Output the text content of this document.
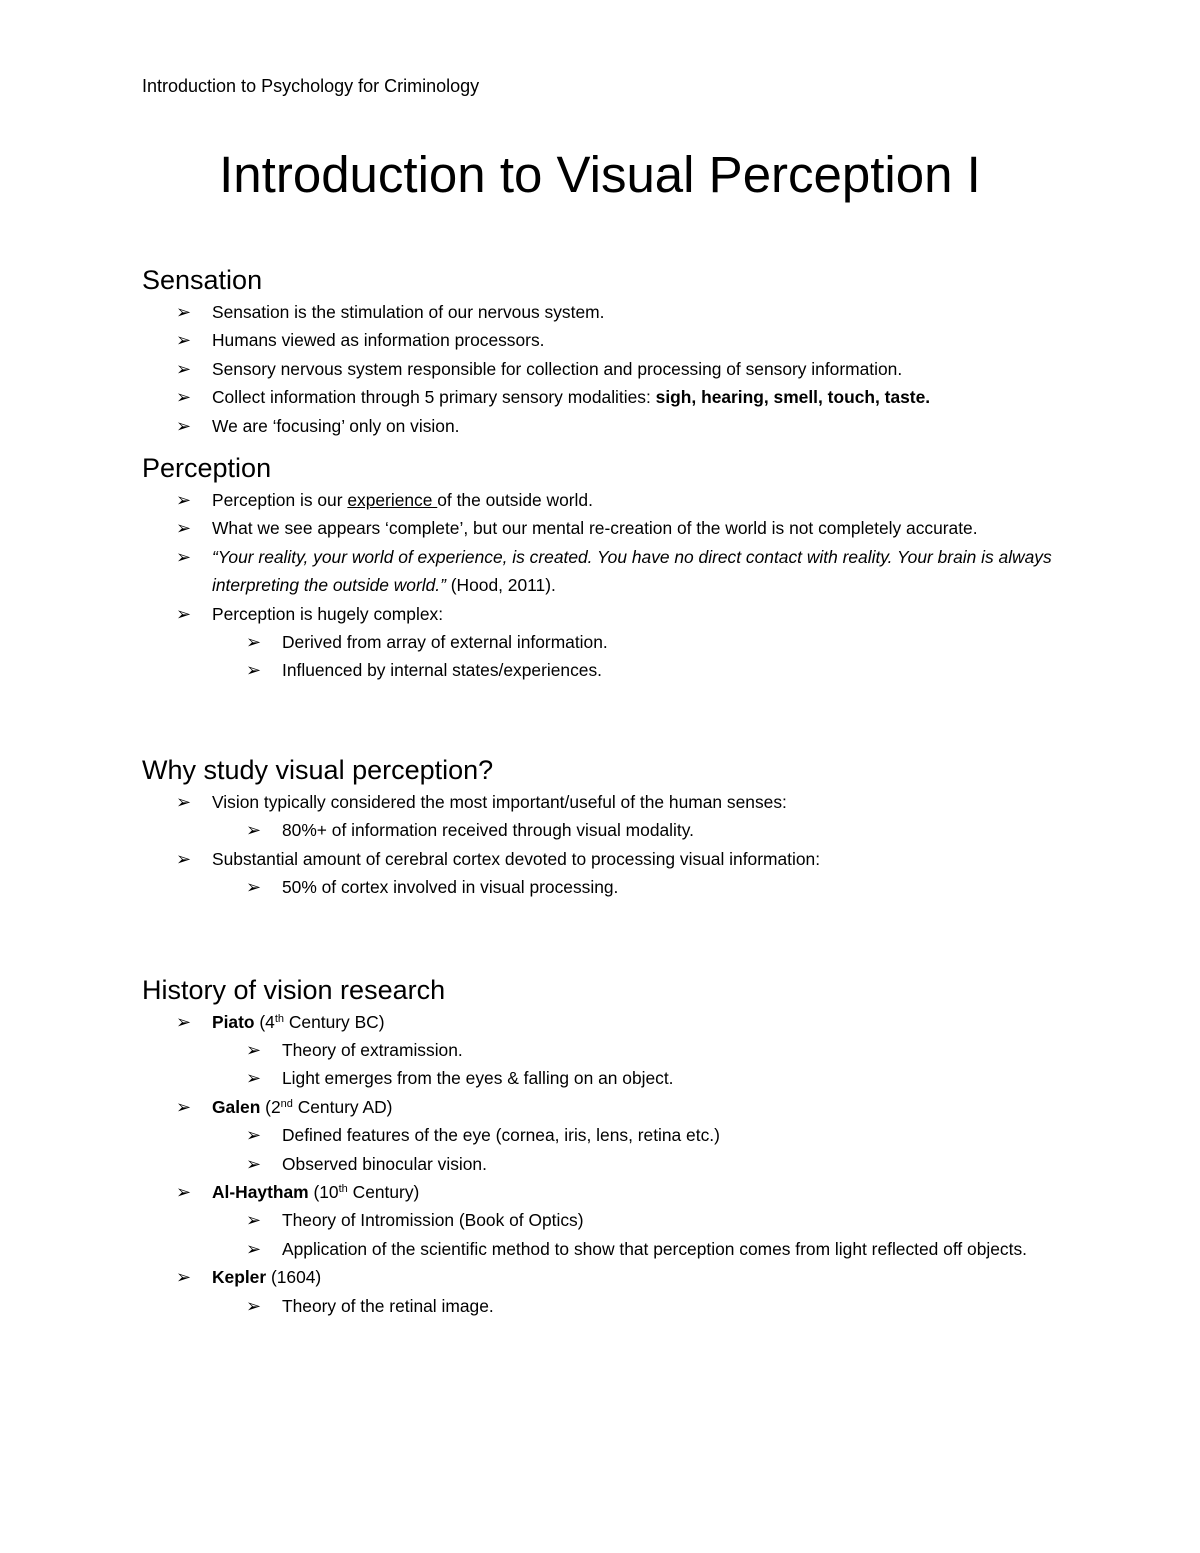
Introduction to Psychology for Criminology
Introduction to Visual Perception I
Sensation
➢ Sensation is the stimulation of our nervous system.
➢ Humans viewed as information processors.
➢ Sensory nervous system responsible for collection and processing of sensory information.
➢ Collect information through 5 primary sensory modalities: sigh, hearing, smell, touch, taste.
➢ We are ‘focusing’ only on vision.
Perception
➢ Perception is our experience of the outside world.
➢ What we see appears ‘complete’, but our mental re-creation of the world is not completely accurate.
➢ “Your reality, your world of experience, is created. You have no direct contact with reality. Your brain is always interpreting the outside world.” (Hood, 2011).
➢ Perception is hugely complex:
➢ Derived from array of external information.
➢ Influenced by internal states/experiences.
Why study visual perception?
➢ Vision typically considered the most important/useful of the human senses:
➢ 80%+ of information received through visual modality.
➢ Substantial amount of cerebral cortex devoted to processing visual information:
➢ 50% of cortex involved in visual processing.
History of vision research
➢ Piato (4th Century BC)
➢ Theory of extramission.
➢ Light emerges from the eyes & falling on an object.
➢ Galen (2nd Century AD)
➢ Defined features of the eye (cornea, iris, lens, retina etc.)
➢ Observed binocular vision.
➢ Al-Haytham (10th Century)
➢ Theory of Intromission (Book of Optics)
➢ Application of the scientific method to show that perception comes from light reflected off objects.
➢ Kepler (1604)
➢ Theory of the retinal image.
